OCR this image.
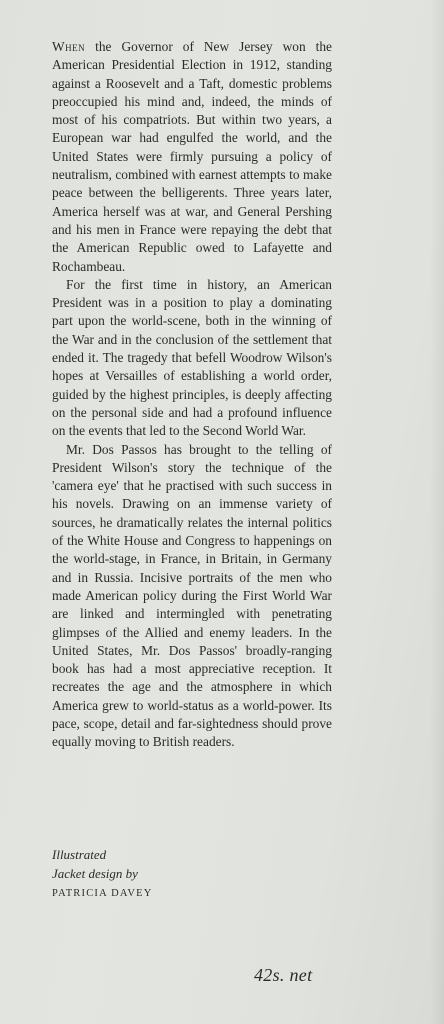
When the Governor of New Jersey won the American Presidential Election in 1912, standing against a Roosevelt and a Taft, domestic problems preoccupied his mind and, indeed, the minds of most of his compatriots. But within two years, a European war had engulfed the world, and the United States were firmly pursuing a policy of neutralism, combined with earnest attempts to make peace between the belligerents. Three years later, America herself was at war, and General Pershing and his men in France were repaying the debt that the American Republic owed to Lafayette and Rochambeau.

For the first time in history, an American President was in a position to play a dominating part upon the world-scene, both in the winning of the War and in the conclusion of the settlement that ended it. The tragedy that befell Woodrow Wilson's hopes at Versailles of establishing a world order, guided by the highest principles, is deeply affecting on the personal side and had a profound influence on the events that led to the Second World War.

Mr. Dos Passos has brought to the telling of President Wilson's story the technique of the 'camera eye' that he practised with such success in his novels. Drawing on an immense variety of sources, he dramatically relates the internal politics of the White House and Congress to happenings on the world-stage, in France, in Britain, in Germany and in Russia. Incisive portraits of the men who made American policy during the First World War are linked and intermingled with penetrating glimpses of the Allied and enemy leaders. In the United States, Mr. Dos Passos' broadly-ranging book has had a most appreciative reception. It recreates the age and the atmosphere in which America grew to world-status as a world-power. Its pace, scope, detail and far-sightedness should prove equally moving to British readers.

Illustrated
Jacket design by
PATRICIA DAVEY
42s. net
